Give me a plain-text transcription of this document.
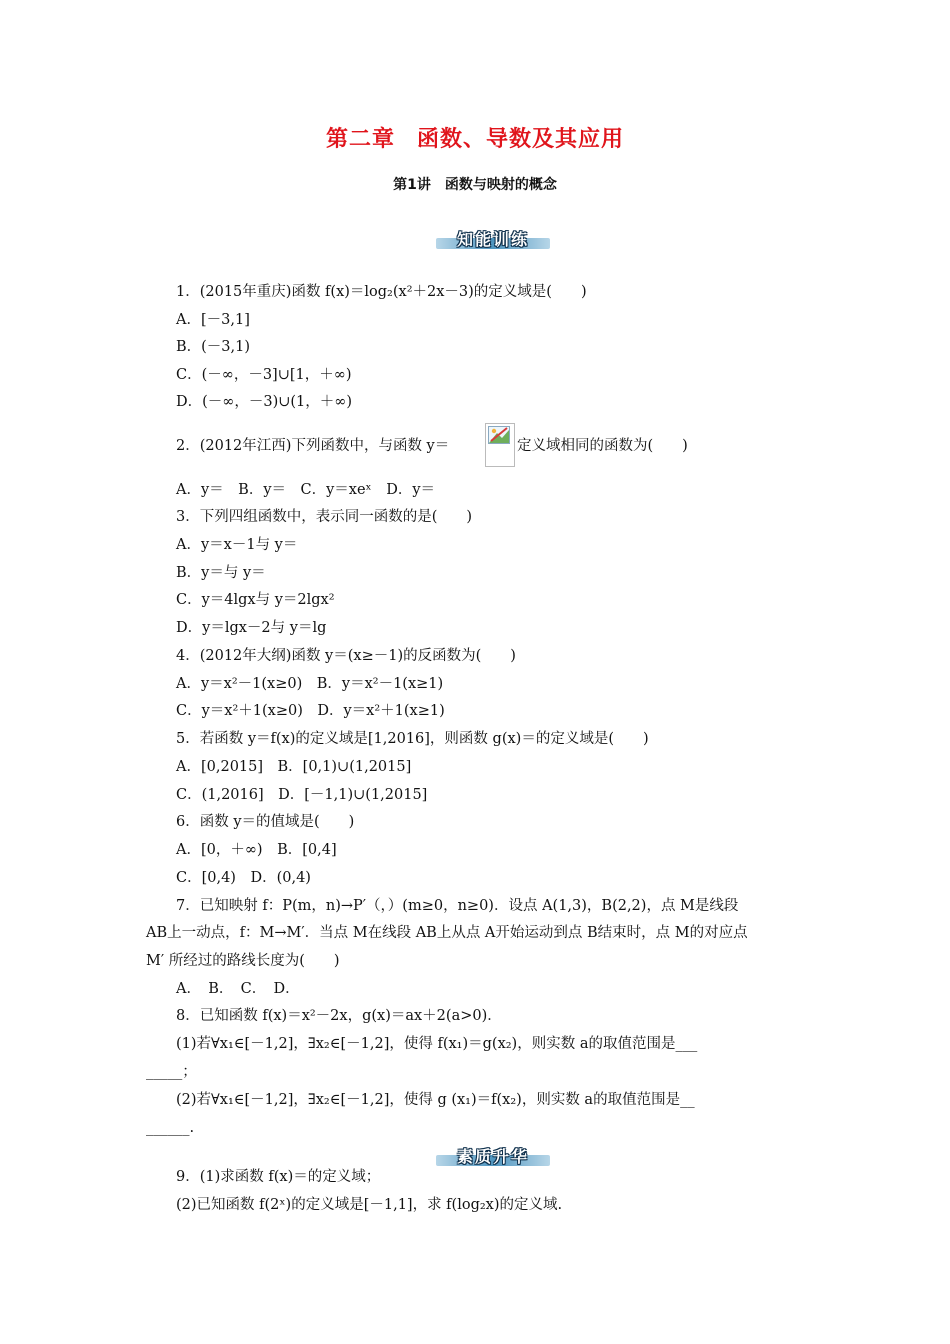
第二章 函数、导数及其应用
第1讲 函数与映射的概念
知能训练
1．(2015年重庆)函数 f(x)＝log₂(x²＋2x－3)的定义域是(　　)
A．[－3,1]
B．(－3,1)
C．(－∞，－3]∪[1，＋∞)
D．(－∞，－3)∪(1，＋∞)
2．(2012年江西)下列函数中，与函数 y＝	定义域相同的函数为(　　)
A．y＝　B．y＝　C．y＝xeˣ　D．y＝
3．下列四组函数中，表示同一函数的是(　　)
A．y＝x－1与 y＝
B．y＝与 y＝
C．y＝4lgx与 y＝2lgx²
D．y＝lgx－2与 y＝lg
4．(2012年大纲)函数 y＝(x≥－1)的反函数为(　　)
A．y＝x²－1(x≥0)　B．y＝x²－1(x≥1)
C．y＝x²＋1(x≥0)　D．y＝x²＋1(x≥1)
5．若函数 y＝f(x)的定义域是[1,2016]，则函数 g(x)＝的定义域是(　　)
A．[0,2015]　B．[0,1)∪(1,2015]
C．(1,2016]　D．[－1,1)∪(1,2015]
6．函数 y＝的值域是(　　)
A．[0，＋∞)　B．[0,4]
C．[0,4)　D．(0,4)
7．已知映射 f：P(m，n)→P′（，）(m≥0，n≥0)．设点 A(1,3)，B(2,2)，点 M是线段
AB上一动点，f：M→M′．当点 M在线段 AB上从点 A开始运动到点 B结束时，点 M的对应点
M′ 所经过的路线长度为(　　)
A．　B．　C．　D．
8．已知函数 f(x)＝x²－2x，g(x)＝ax＋2(a>0)．
(1)若∀x₁∈[－1,2]，∃x₂∈[－1,2]，使得 f(x₁)＝g(x₂)，则实数 a的取值范围是___
_____；
(2)若∀x₁∈[－1,2]，∃x₂∈[－1,2]，使得 g (x₁)＝f(x₂)，则实数 a的取值范围是__
______.
素质升华
9．(1)求函数 f(x)＝的定义域；
(2)已知函数 f(2ˣ)的定义域是[－1,1]，求 f(log₂x)的定义域.
